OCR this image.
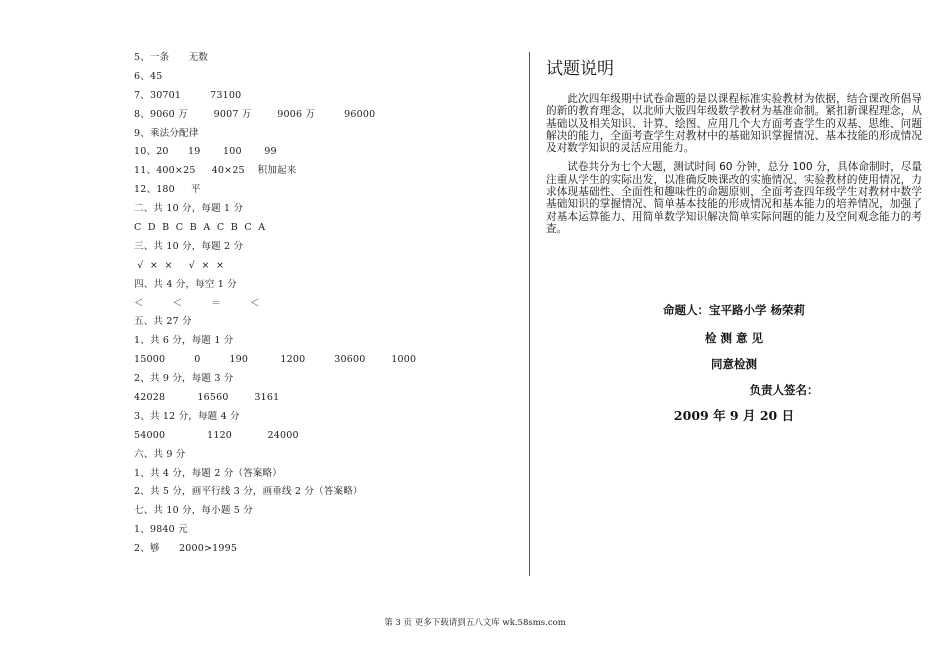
5、一条      无数
6、45
7、30701         73100
8、9060 万        9007 万        9006 万         96000
9、乘法分配律
10、20      19       100       99
11、400×25     40×25    积加起来
12、180     平
二、共 10 分，每题 1 分
C  D  B  C  B  A  C  B  C  A
三、共 10 分，每题 2 分
√  ×  ×     √  ×  ×
四、共 4 分，每空 1 分
＜         ＜         ＝         ＜
五、共 27 分
1、共 6 分，每题 1 分
15000         0         190          1200         30600        1000
2、共 9 分，每题 3 分
42028          16560        3161
3、共 12 分，每题 4 分
54000             1120           24000
六、共 9 分
1、共 4 分，每题 2 分（答案略）
2、共 5 分，画平行线 3 分，画垂线 2 分（答案略）
七、共 10 分，每小题 5 分
1、9840 元
2、够      2000>1995
试题说明

此次四年级期中试卷命题的是以课程标准实验教材为依据，结合课改所倡导的新的教育理念，以北师大版四年级数学教材为基准命制。紧扣新课程理念，从基础以及相关知识、计算、绘图、应用几个大方面考查学生的双基、思维、问题解决的能力，全面考查学生对教材中的基础知识掌握情况、基本技能的形成情况及对数学知识的灵活应用能力。

试卷共分为七个大题，测试时间 60 分钟，总分 100 分，具体命制时，尽量注重从学生的实际出发，以准确反映课改的实施情况、实验教材的使用情况，力求体现基础性、全面性和趣味性的命题原则，全面考查四年级学生对教材中数学基础知识的掌握情况、简单基本技能的形成情况和基本能力的培养情况，加强了对基本运算能力、用简单数学知识解决简单实际问题的能力及空间观念能力的考查。

命题人：宝平路小学 杨荣莉
检 测 意 见
同意检测
负责人签名：
2009 年 9 月 20 日
第 3 页 更多下载请到五八文库 wk.58sms.com
